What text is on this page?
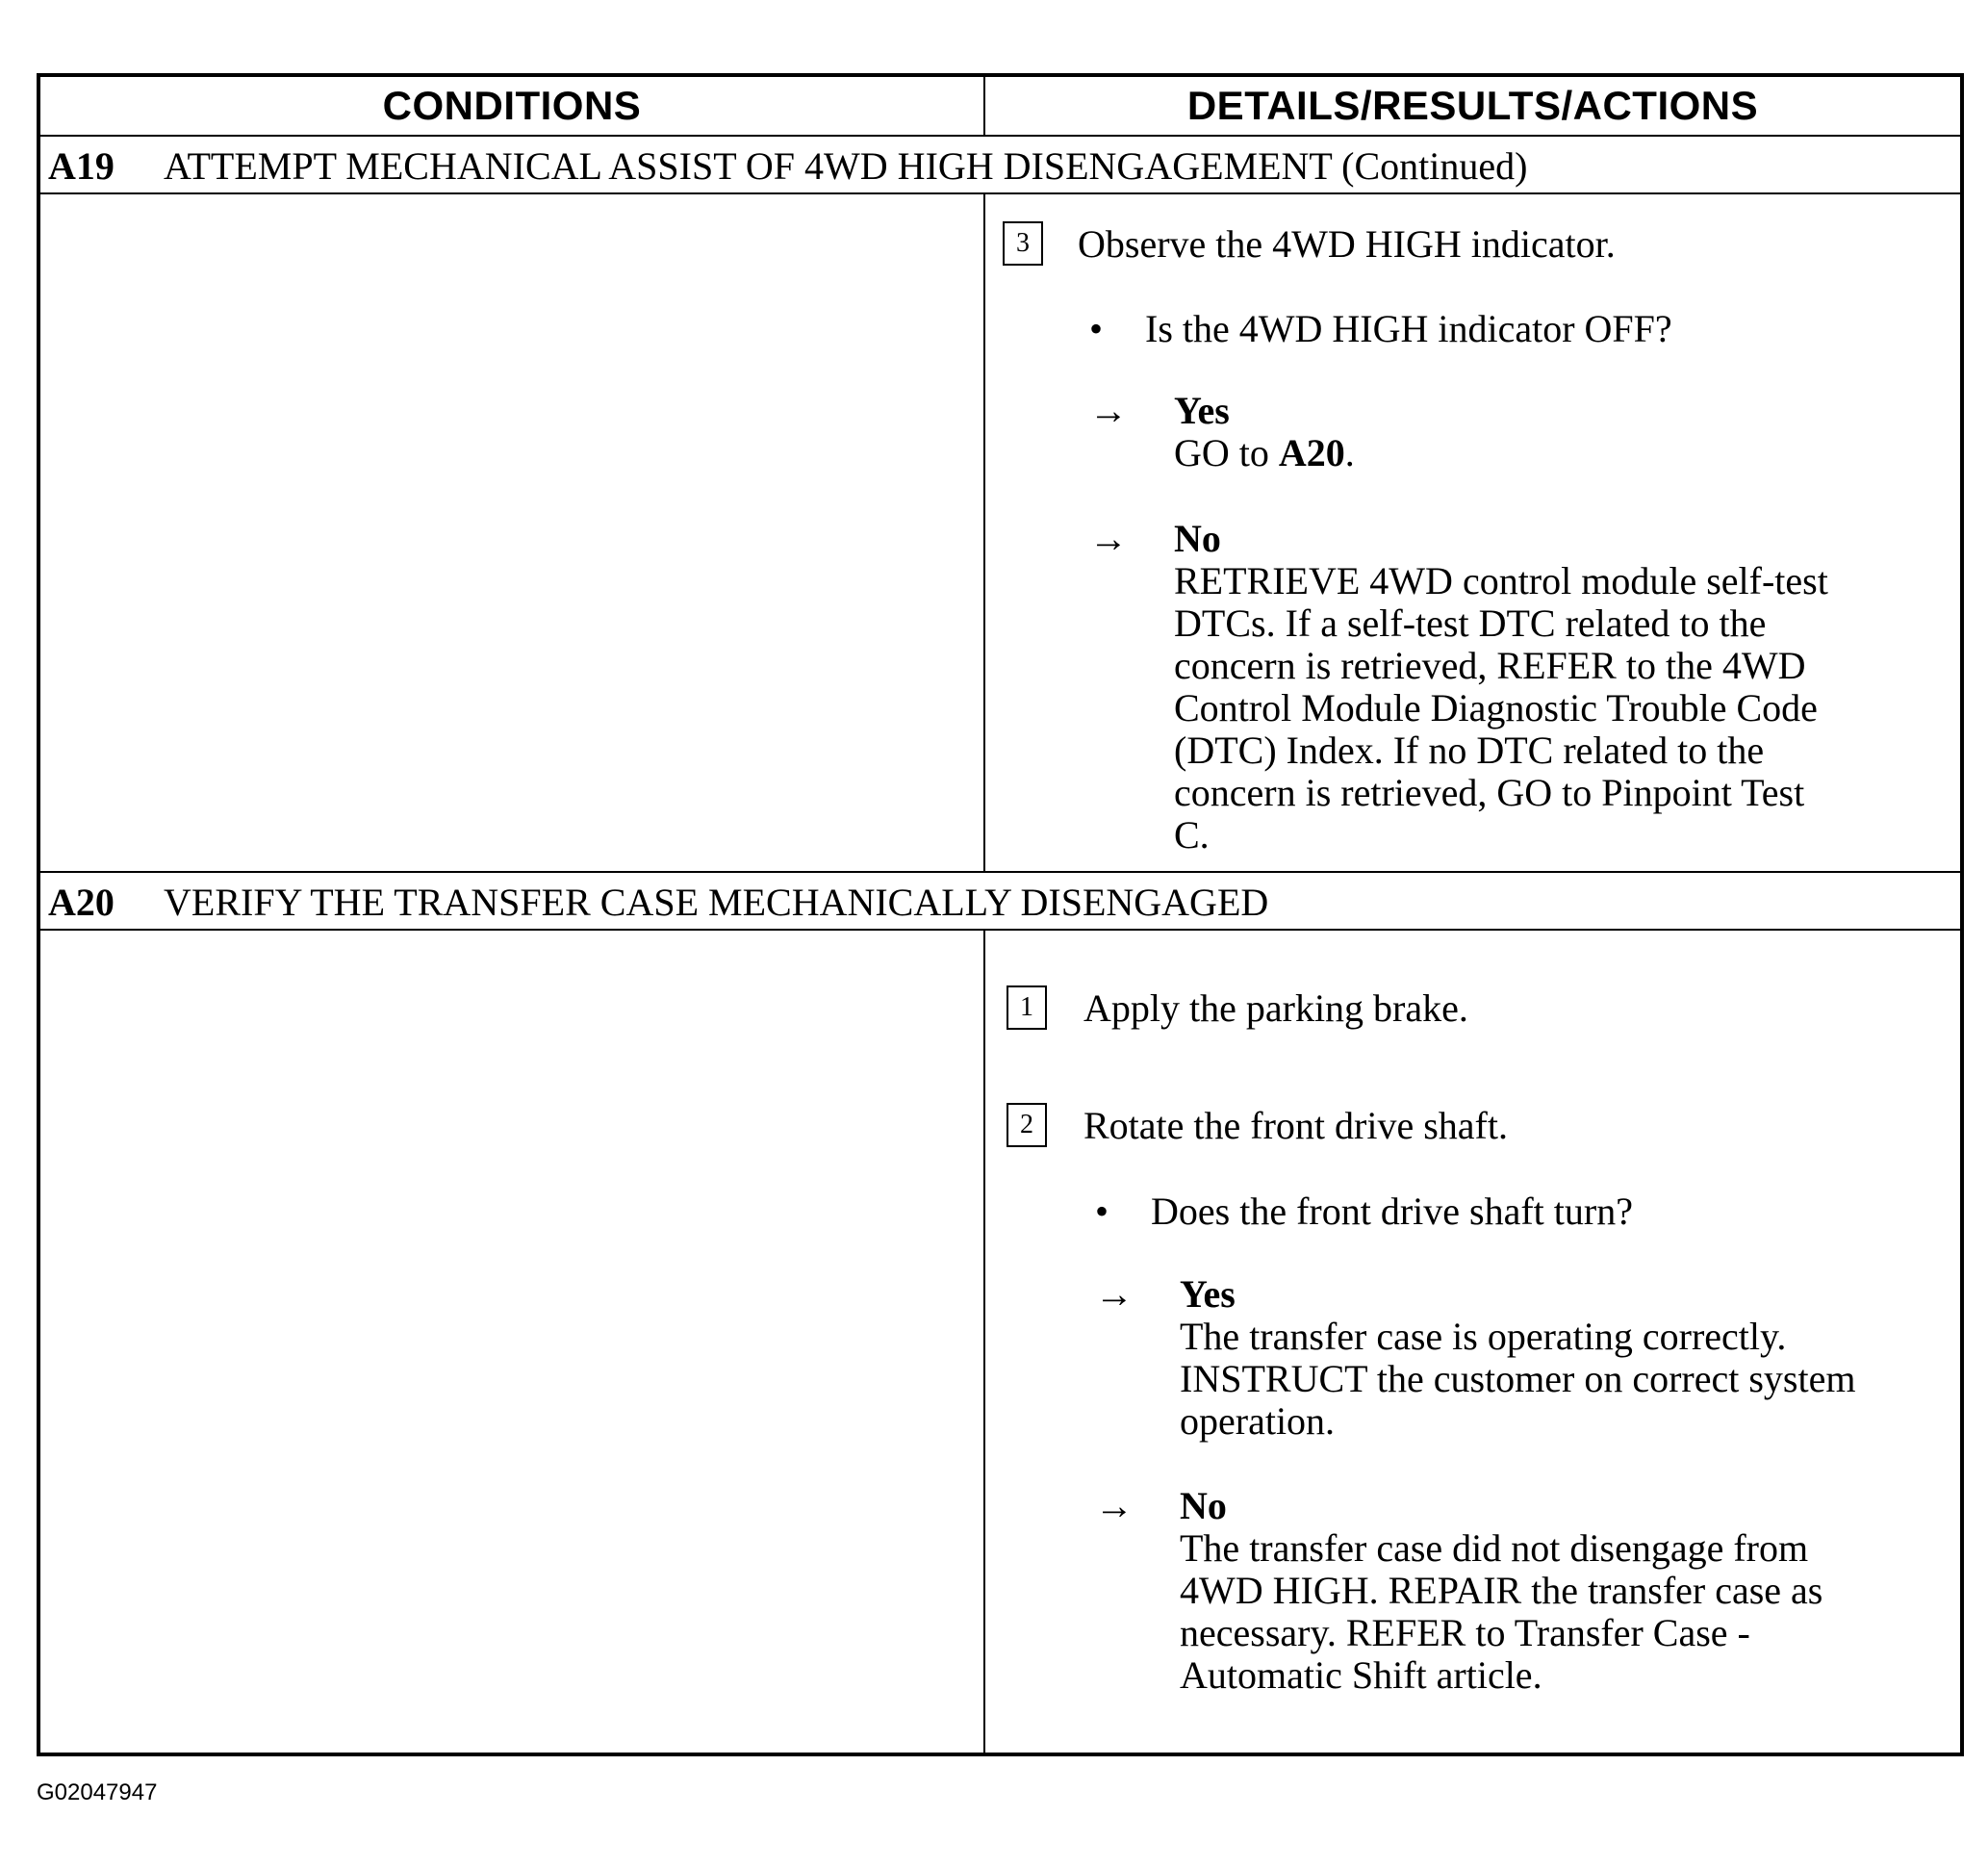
CONDITIONS	DETAILS/RESULTS/ACTIONS
A19	ATTEMPT MECHANICAL ASSIST OF 4WD HIGH DISENGAGEMENT (Continued)
3	Observe the 4WD HIGH indicator.
• Is the 4WD HIGH indicator OFF?
→ Yes
GO to A20.
→ No
RETRIEVE 4WD control module self-test
DTCs. If a self-test DTC related to the
concern is retrieved, REFER to the 4WD
Control Module Diagnostic Trouble Code
(DTC) Index. If no DTC related to the
concern is retrieved, GO to Pinpoint Test
C.
A20	VERIFY THE TRANSFER CASE MECHANICALLY DISENGAGED
1	Apply the parking brake.
2	Rotate the front drive shaft.
• Does the front drive shaft turn?
→ Yes
The transfer case is operating correctly.
INSTRUCT the customer on correct system
operation.
→ No
The transfer case did not disengage from
4WD HIGH. REPAIR the transfer case as
necessary. REFER to Transfer Case -
Automatic Shift article.
G02047947
